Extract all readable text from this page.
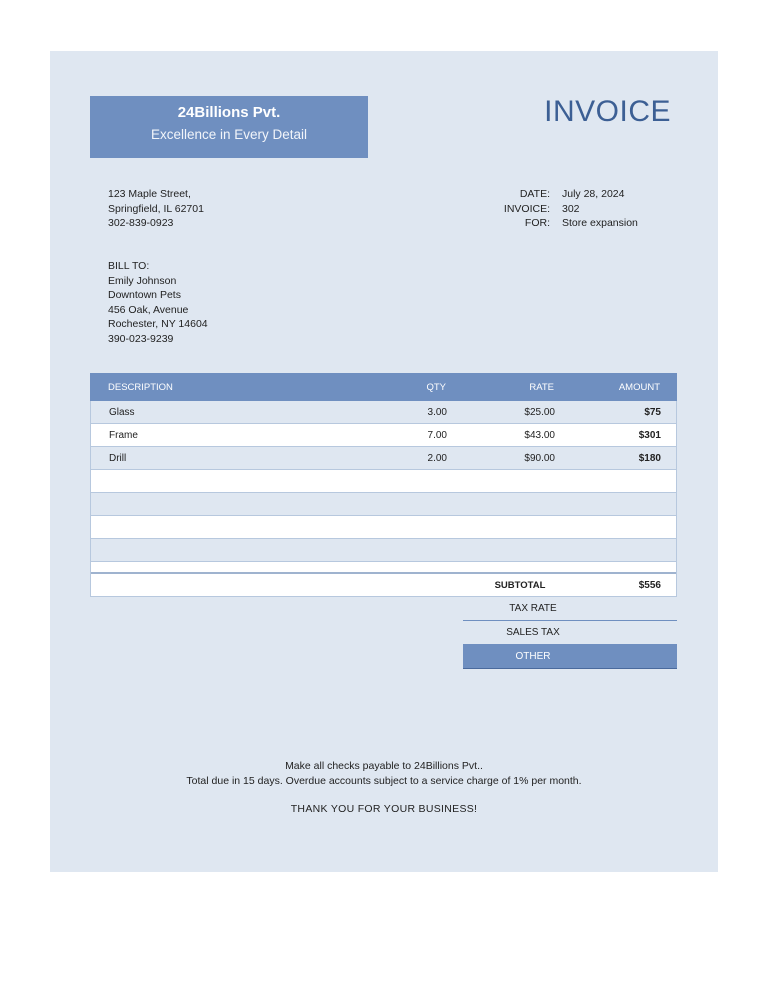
24Billions Pvt.
Excellence in Every Detail
INVOICE
123 Maple Street,
Springfield, IL 62701
302-839-0923
DATE: July 28, 2024
INVOICE: 302
FOR: Store expansion
BILL TO:
Emily Johnson
Downtown Pets
456 Oak, Avenue
Rochester, NY 14604
390-023-9239
DESCRIPTION	QTY	RATE	AMOUNT
Glass	3.00	$25.00	$75
Frame	7.00	$43.00	$301
Drill	2.00	$90.00	$180
SUBTOTAL	$556
TAX RATE
SALES TAX
OTHER
Make all checks payable to 24Billions Pvt..
Total due in 15 days. Overdue accounts subject to a service charge of 1% per month.
THANK YOU FOR YOUR BUSINESS!
